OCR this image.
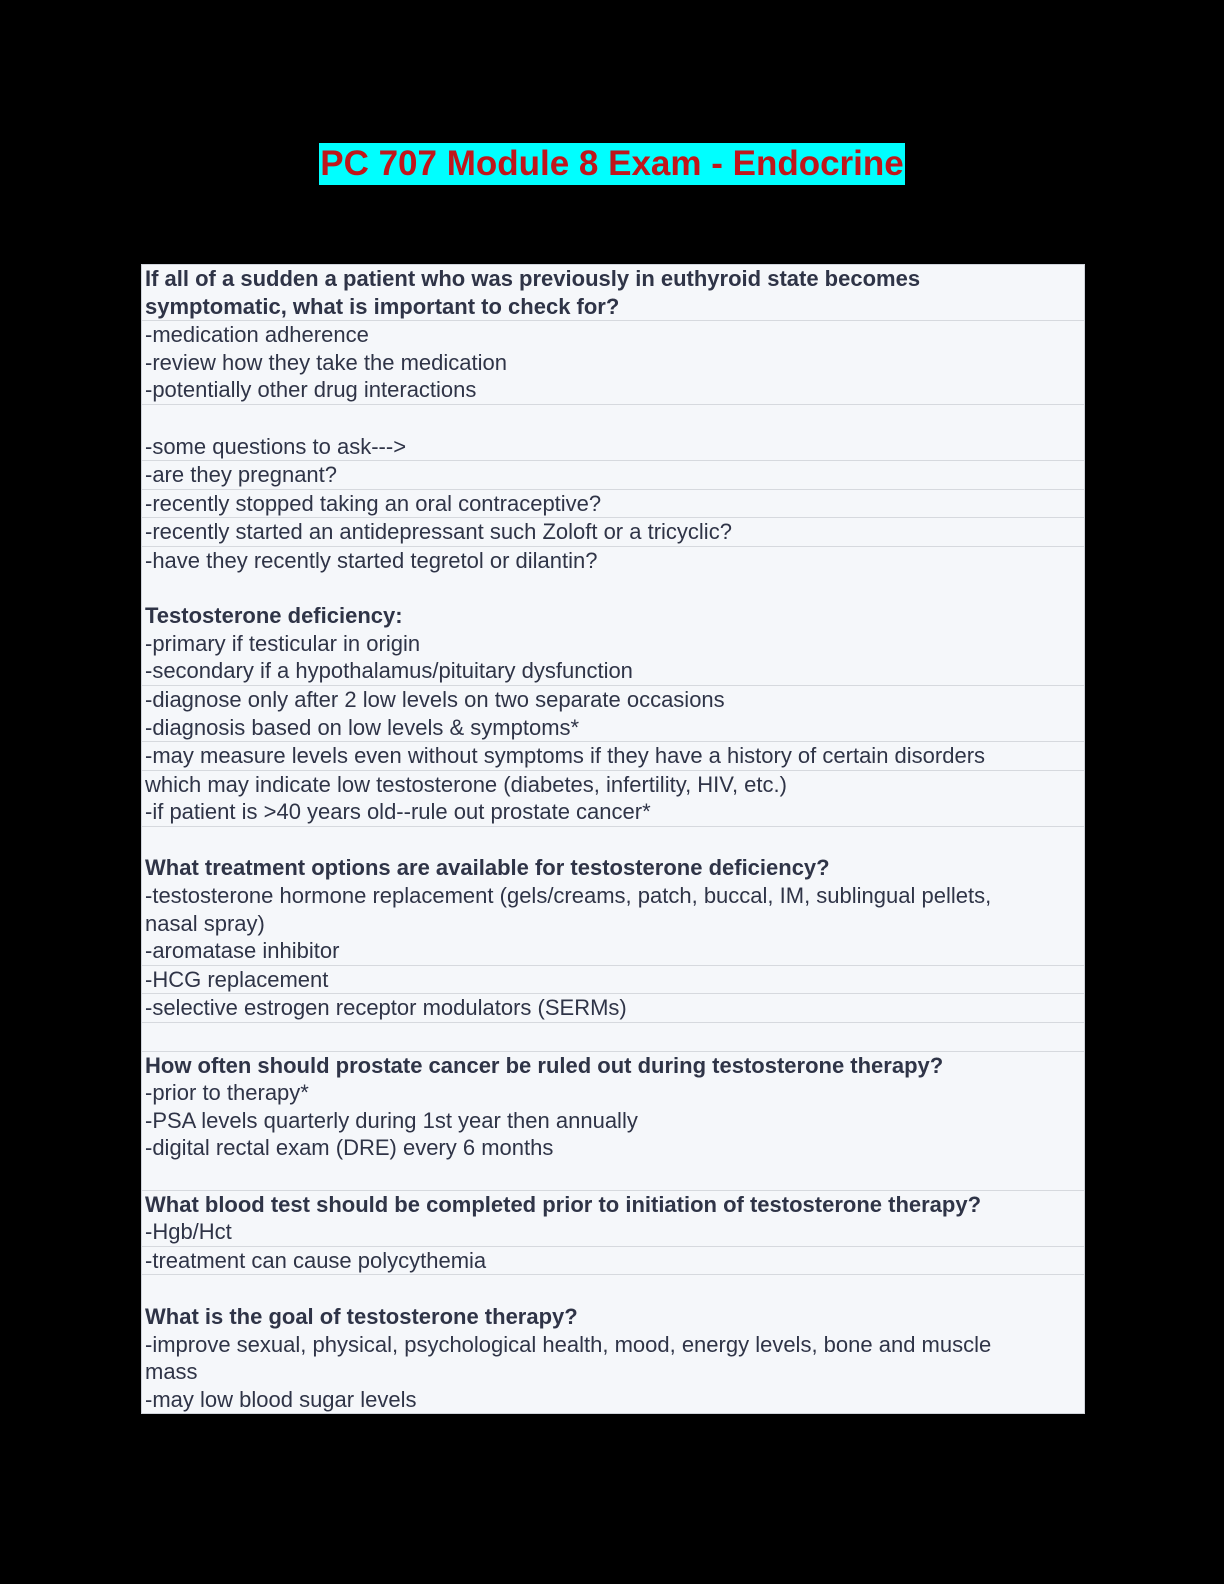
PC 707 Module 8 Exam - Endocrine
If all of a sudden a patient who was previously in euthyroid state becomes
symptomatic, what is important to check for?
-medication adherence
-review how they take the medication
-potentially other drug interactions
-some questions to ask--->
-are they pregnant?
-recently stopped taking an oral contraceptive?
-recently started an antidepressant such Zoloft or a tricyclic?
-have they recently started tegretol or dilantin?
Testosterone deficiency:
-primary if testicular in origin
-secondary if a hypothalamus/pituitary dysfunction
-diagnose only after 2 low levels on two separate occasions
-diagnosis based on low levels & symptoms*
-may measure levels even without symptoms if they have a history of certain disorders
which may indicate low testosterone (diabetes, infertility, HIV, etc.)
-if patient is >40 years old--rule out prostate cancer*
What treatment options are available for testosterone deficiency?
-testosterone hormone replacement (gels/creams, patch, buccal, IM, sublingual pellets,
nasal spray)
-aromatase inhibitor
-HCG replacement
-selective estrogen receptor modulators (SERMs)
How often should prostate cancer be ruled out during testosterone therapy?
-prior to therapy*
-PSA levels quarterly during 1st year then annually
-digital rectal exam (DRE) every 6 months
What blood test should be completed prior to initiation of testosterone therapy?
-Hgb/Hct
-treatment can cause polycythemia
What is the goal of testosterone therapy?
-improve sexual, physical, psychological health, mood, energy levels, bone and muscle
mass
-may low blood sugar levels
